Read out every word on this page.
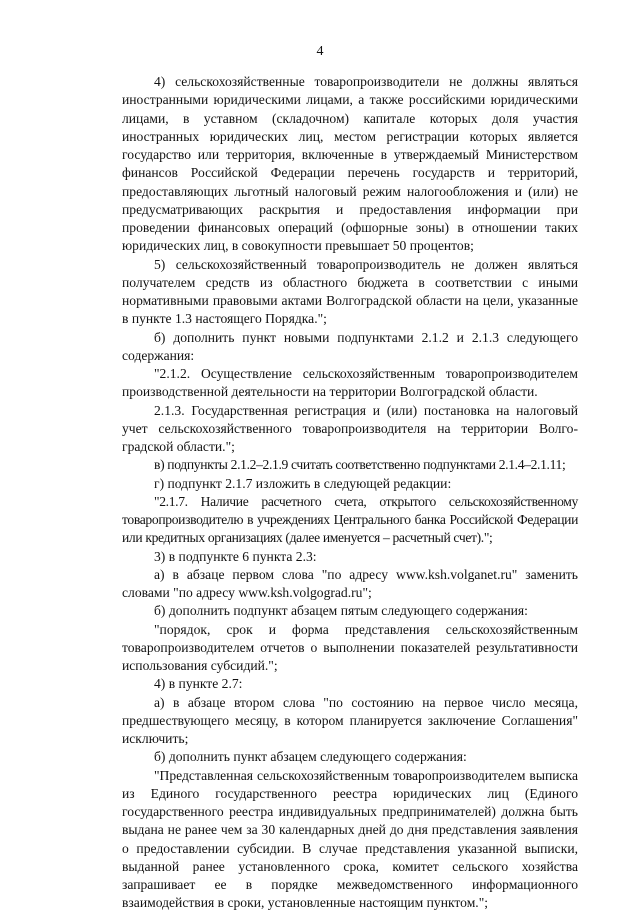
4

4) сельскохозяйственные товаропроизводители не должны являться иностранными юридическими лицами, а также российскими юридическими лицами, в уставном (складочном) капитале которых доля участия иностранных юридических лиц, местом регистрации которых является государство или территория, включенные в утверждаемый Министерством финансов Российской Федерации перечень государств и территорий, предоставляющих льготный налоговый режим налогообложения и (или) не предусматривающих раскрытия и предоставления информации при проведении финансовых операций (офшорные зоны) в отношении таких юридических лиц, в совокупности превышает 50 процентов;

5) сельскохозяйственный товаропроизводитель не должен являться получателем средств из областного бюджета в соответствии с иными нормативными правовыми актами Волгоградской области на цели, указанные в пункте 1.3 настоящего Порядка.";

б) дополнить пункт новыми подпунктами 2.1.2 и 2.1.3 следующего содержания:

"2.1.2. Осуществление сельскохозяйственным товаропроизводителем производственной деятельности на территории Волгоградской области.

2.1.3. Государственная регистрация и (или) постановка на налоговый учет сельскохозяйственного товаропроизводителя на территории Волгоградской области.";

в) подпункты 2.1.2–2.1.9 считать соответственно подпунктами 2.1.4–2.1.11;

г) подпункт 2.1.7 изложить в следующей редакции:

"2.1.7. Наличие расчетного счета, открытого сельскохозяйственному товаропроизводителю в учреждениях Центрального банка Российской Федерации или кредитных организациях (далее именуется – расчетный счет).";

3) в подпункте 6 пункта 2.3:

а) в абзаце первом слова "по адресу www.ksh.volganet.ru" заменить словами "по адресу www.ksh.volgograd.ru";

б) дополнить подпункт абзацем пятым следующего содержания:

"порядок, срок и форма представления сельскохозяйственным товаропроизводителем отчетов о выполнении показателей результативности использования субсидий.";

4) в пункте 2.7:

а) в абзаце втором слова "по состоянию на первое число месяца, предшествующего месяцу, в котором планируется заключение Соглашения" исключить;

б) дополнить пункт абзацем следующего содержания:

"Представленная сельскохозяйственным товаропроизводителем выписка из Единого государственного реестра юридических лиц (Единого государственного реестра индивидуальных предпринимателей) должна быть выдана не ранее чем за 30 календарных дней до дня представления заявления о предоставлении субсидии. В случае представления указанной выписки, выданной ранее установленного срока, комитет сельского хозяйства запрашивает ее в порядке межведомственного информационного взаимодействия в сроки, установленные настоящим пунктом.";
